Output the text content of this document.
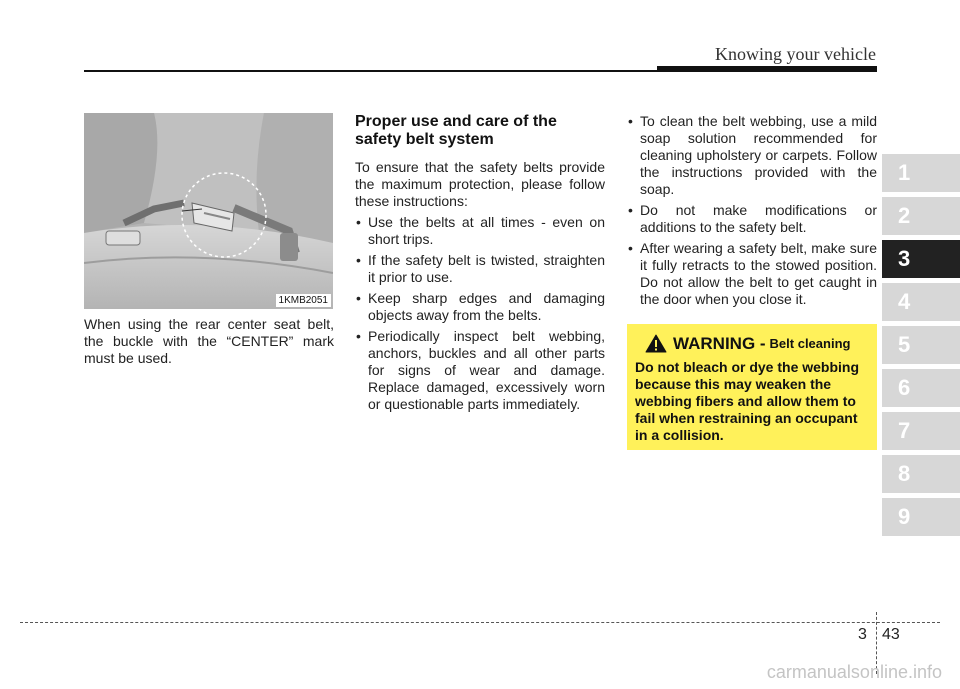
Knowing your vehicle
1
2
3
4
5
6
7
8
9
1KMB2051
When using the rear center seat belt, the buckle with the “CENTER” mark must be used.
Proper use and care of the safety belt system
To ensure that the safety belts provide the maximum protection, please follow these instructions:
• Use the belts at all times - even on short trips.
• If the safety belt is twisted, straighten it prior to use.
• Keep sharp edges and damaging objects away from the belts.
• Periodically inspect belt webbing, anchors, buckles and all other parts for signs of wear and damage. Replace damaged, excessively worn or questionable parts immediately.
• To clean the belt webbing, use a mild soap solution recommended for cleaning upholstery or carpets. Follow the instructions provided with the soap.
• Do not make modifications or additions to the safety belt.
• After wearing a safety belt, make sure it fully retracts to the stowed position. Do not allow the belt to get caught in the door when you close it.
WARNING - Belt cleaning
Do not bleach or dye the webbing because this may weaken the webbing fibers and allow them to fail when restraining an occupant in a collision.
3 43
carmanualsonline.info
